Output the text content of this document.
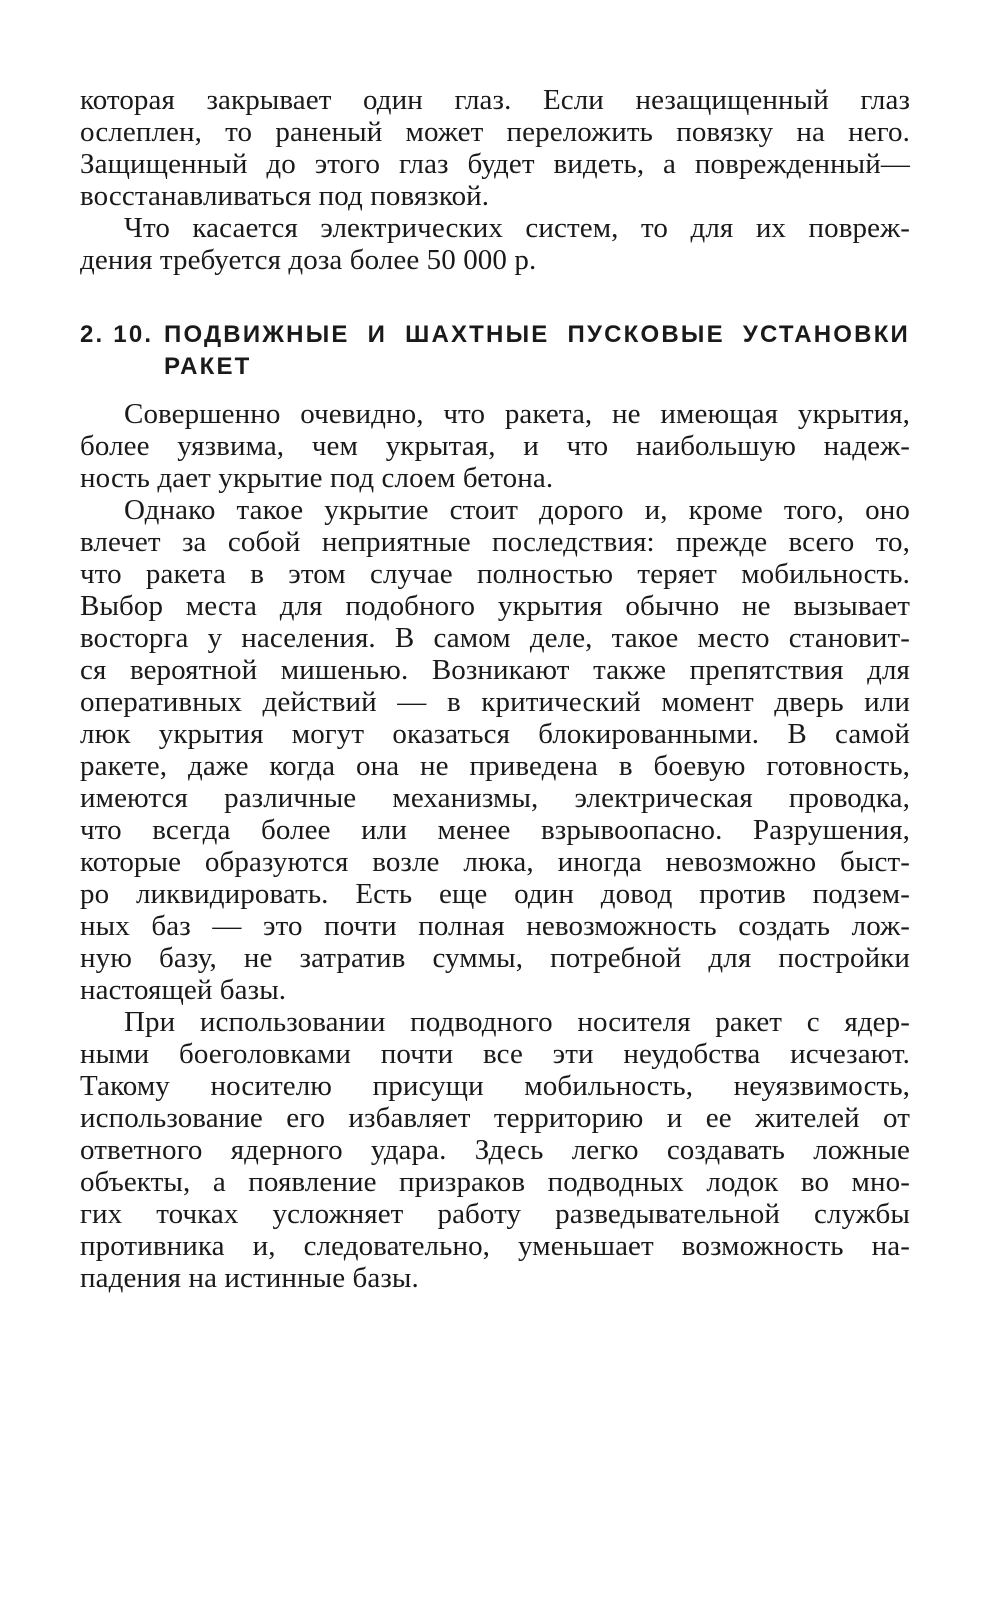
которая закрывает один глаз. Если незащищенный глаз
ослеплен, то раненый может переложить повязку на него.
Защищенный до этого глаз будет видеть, а поврежденный—
восстанавливаться под повязкой.
Что касается электрических систем, то для их повреж-
дения требуется доза более 50 000 р.
2. 10. ПОДВИЖНЫЕ И ШАХТНЫЕ ПУСКОВЫЕ УСТАНОВКИ
РАКЕТ
Совершенно очевидно, что ракета, не имеющая укрытия,
более уязвима, чем укрытая, и что наибольшую надеж-
ность дает укрытие под слоем бетона.
Однако такое укрытие стоит дорого и, кроме того, оно
влечет за собой неприятные последствия: прежде всего то,
что ракета в этом случае полностью теряет мобильность.
Выбор места для подобного укрытия обычно не вызывает
восторга у населения. В самом деле, такое место становит-
ся вероятной мишенью. Возникают также препятствия для
оперативных действий — в критический момент дверь или
люк укрытия могут оказаться блокированными. В самой
ракете, даже когда она не приведена в боевую готовность,
имеются различные механизмы, электрическая проводка,
что всегда более или менее взрывоопасно. Разрушения,
которые образуются возле люка, иногда невозможно быст-
ро ликвидировать. Есть еще один довод против подзем-
ных баз — это почти полная невозможность создать лож-
ную базу, не затратив суммы, потребной для постройки
настоящей базы.
При использовании подводного носителя ракет с ядер-
ными боеголовками почти все эти неудобства исчезают.
Такому носителю присущи мобильность, неуязвимость,
использование его избавляет территорию и ее жителей от
ответного ядерного удара. Здесь легко создавать ложные
объекты, а появление призраков подводных лодок во мно-
гих точках усложняет работу разведывательной службы
противника и, следовательно, уменьшает возможность на-
падения на истинные базы.
